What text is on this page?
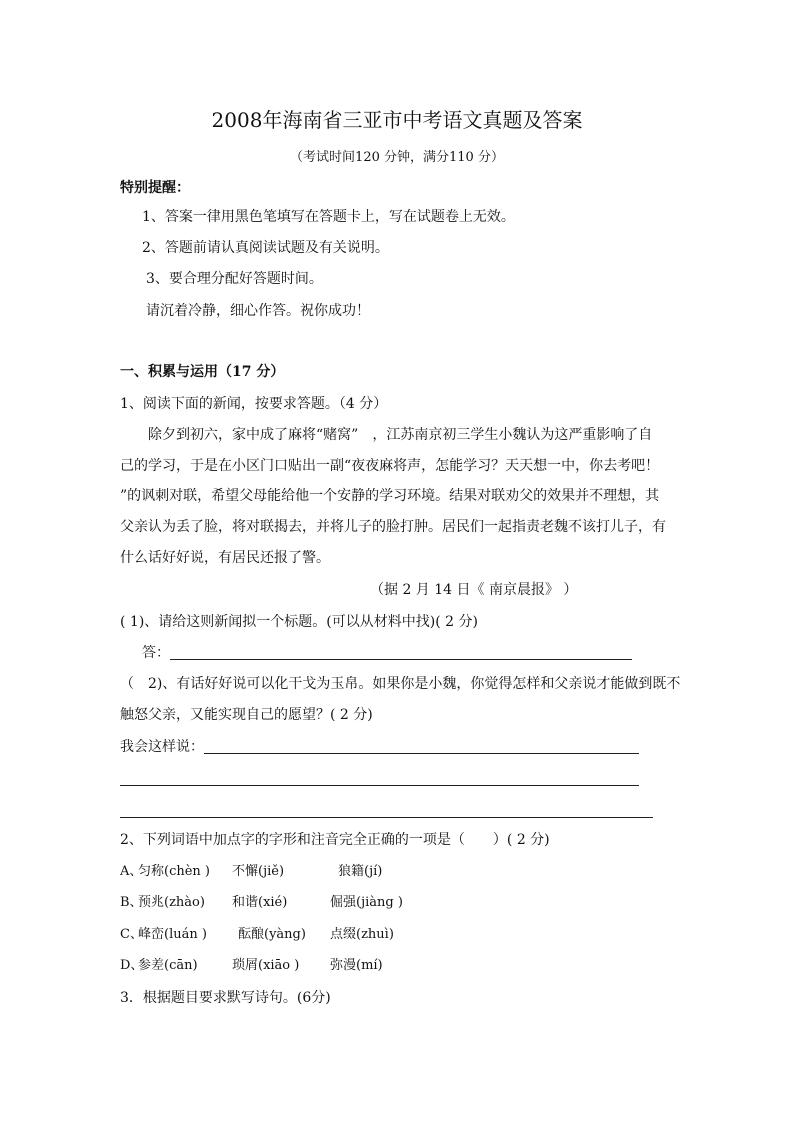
2008年海南省三亚市中考语文真题及答案
（考试时间120 分钟，满分110 分）
特别提醒：
1、答案一律用黑色笔填写在答题卡上，写在试题卷上无效。
2、答题前请认真阅读试题及有关说明。
3、要合理分配好答题时间。
请沉着冷静，细心作答。祝你成功！
一、积累与运用（17 分）
1、阅读下面的新闻，按要求答题。（4 分）
除夕到初六，家中成了麻将“赌窝”　，江苏南京初三学生小魏认为这严重影响了自
己的学习，于是在小区门口贴出一副“夜夜麻将声，怎能学习？天天想一中，你去考吧！
”的讽刺对联，希望父母能给他一个安静的学习环境。结果对联劝父的效果并不理想，其
父亲认为丢了脸，将对联揭去，并将儿子的脸打肿。居民们一起指责老魏不该打儿子，有
什么话好好说，有居民还报了警。
（据 2 月 14 日《 南京晨报》 ）
( 1)、请给这则新闻拟一个标题。(可以从材料中找)( 2 分)
答：
（　2)、有话好好说可以化干戈为玉帛。如果你是小魏，你觉得怎样和父亲说才能做到既不
触怒父亲，又能实现自己的愿望？( 2 分)
我会这样说：
2、下列词语中加点字的字形和注音完全正确的一项是（　　）( 2 分)
A、
匀称(chèn ) 不懈(jiě)	狼籍(jí)
B、
预兆(zhào) 和谐(xié)	倔强(jiàng )
C、
峰峦(luán ) 酝酿(yàng) 点缀(zhuì)
D、
参差(cān)	琐屑(xiāo ) 弥漫(mí)
3．根据题目要求默写诗句。(6分)
